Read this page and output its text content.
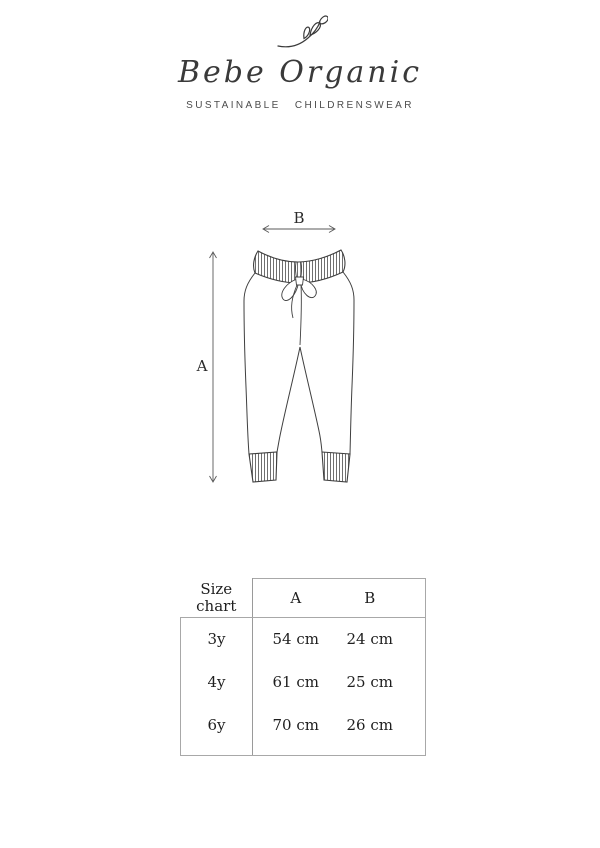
Bebe Organic
SUSTAINABLE CHILDRENSWEAR
B
A
Size chart	A	B
3y	54 cm	24 cm
4y	61 cm	25 cm
6y	70 cm	26 cm
